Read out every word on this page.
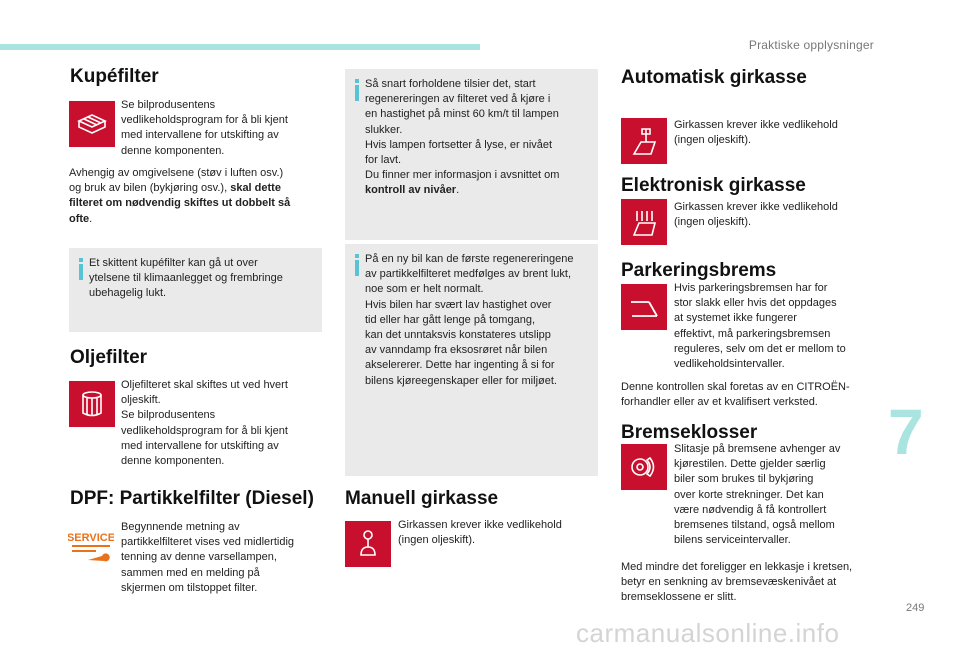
Praktiske opplysninger
Kupéfilter
Se bilprodusentens
vedlikeholdsprogram for å bli kjent
med intervallene for utskifting av
denne komponenten.
Avhengig av omgivelsene (støv i luften osv.)
og bruk av bilen (bykjøring osv.), skal dette
filteret om nødvendig skiftes ut dobbelt så
ofte.
Et skittent kupéfilter kan gå ut over
ytelsene til klimaanlegget og frembringe
ubehagelig lukt.
Oljefilter
Oljefilteret skal skiftes ut ved hvert
oljeskift.
Se bilprodusentens
vedlikeholdsprogram for å bli kjent
med intervallene for utskifting av
denne komponenten.
DPF: Partikkelfilter (Diesel)
SERVICE
Begynnende metning av
partikkelfilteret vises ved midlertidig
tenning av denne varsellampen,
sammen med en melding på
skjermen om tilstoppet filter.
Så snart forholdene tilsier det, start
regenereringen av filteret ved å kjøre i
en hastighet på minst 60 km/t til lampen
slukker.
Hvis lampen fortsetter å lyse, er nivået
for lavt.
Du finner mer informasjon i avsnittet om
kontroll av nivåer.
På en ny bil kan de første regenereringene
av partikkelfilteret medfølges av brent lukt,
noe som er helt normalt.
Hvis bilen har svært lav hastighet over
tid eller har gått lenge på tomgang,
kan det unntaksvis konstateres utslipp
av vanndamp fra eksosrøret når bilen
akselererer. Dette har ingenting å si for
bilens kjøreegenskaper eller for miljøet.
Manuell girkasse
Girkassen krever ikke vedlikehold
(ingen oljeskift).
Automatisk girkasse
Girkassen krever ikke vedlikehold
(ingen oljeskift).
Elektronisk girkasse
Girkassen krever ikke vedlikehold
(ingen oljeskift).
Parkeringsbrems
Hvis parkeringsbremsen har for
stor slakk eller hvis det oppdages
at systemet ikke fungerer
effektivt, må parkeringsbremsen
reguleres, selv om det er mellom to
vedlikeholdsintervaller.
Denne kontrollen skal foretas av en CITROËN-
forhandler eller av et kvalifisert verksted.
Bremseklosser
Slitasje på bremsene avhenger av
kjørestilen. Dette gjelder særlig
biler som brukes til bykjøring
over korte strekninger. Det kan
være nødvendig å få kontrollert
bremsenes tilstand, også mellom
bilens serviceintervaller.
Med mindre det foreligger en lekkasje i kretsen,
betyr en senkning av bremsevæskenivået at
bremseklossene er slitt.
7
249
carmanualsonline.info
